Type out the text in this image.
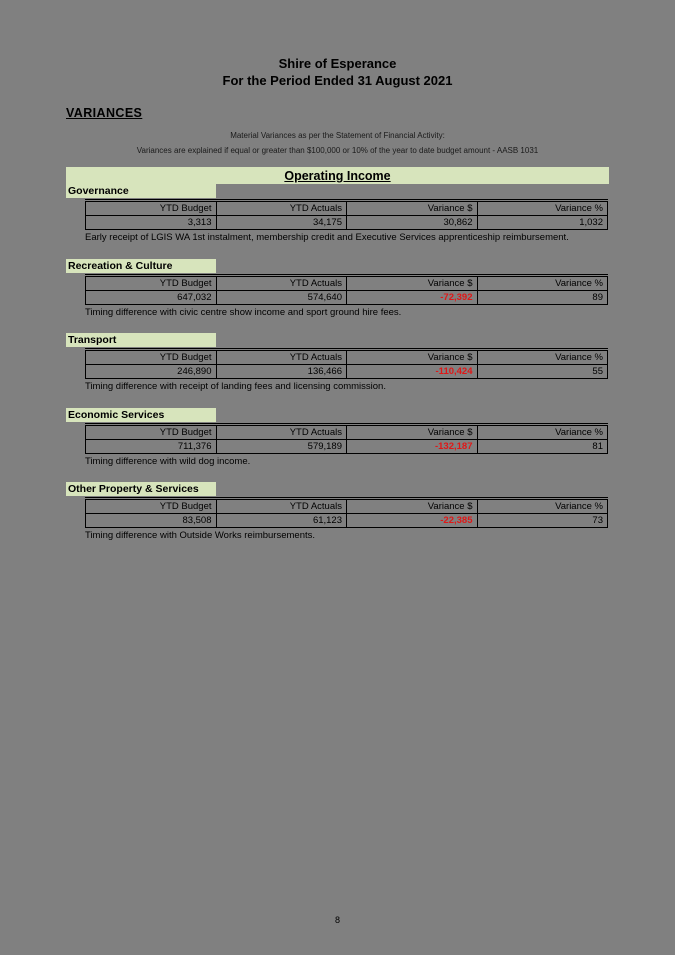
Shire of Esperance
For the Period Ended 31 August 2021
VARIANCES
Material Variances as per the Statement of Financial Activity:
Variances are explained if equal or greater than $100,000 or 10% of the year to date budget amount - AASB 1031
Operating Income
Governance
YTD Budget	YTD Actuals	Variance $	Variance %
3,313	34,175	30,862	1,032
Early receipt of LGIS WA 1st instalment, membership credit and Executive Services apprenticeship reimbursement.
Recreation & Culture
YTD Budget	YTD Actuals	Variance $	Variance %
647,032	574,640	-72,392	89
Timing difference with civic centre show income and sport ground hire fees.
Transport
YTD Budget	YTD Actuals	Variance $	Variance %
246,890	136,466	-110,424	55
Timing difference with receipt of landing fees and licensing commission.
Economic Services
YTD Budget	YTD Actuals	Variance $	Variance %
711,376	579,189	-132,187	81
Timing difference with wild dog income.
Other Property & Services
YTD Budget	YTD Actuals	Variance $	Variance %
83,508	61,123	-22,385	73
Timing difference with Outside Works reimbursements.
8
